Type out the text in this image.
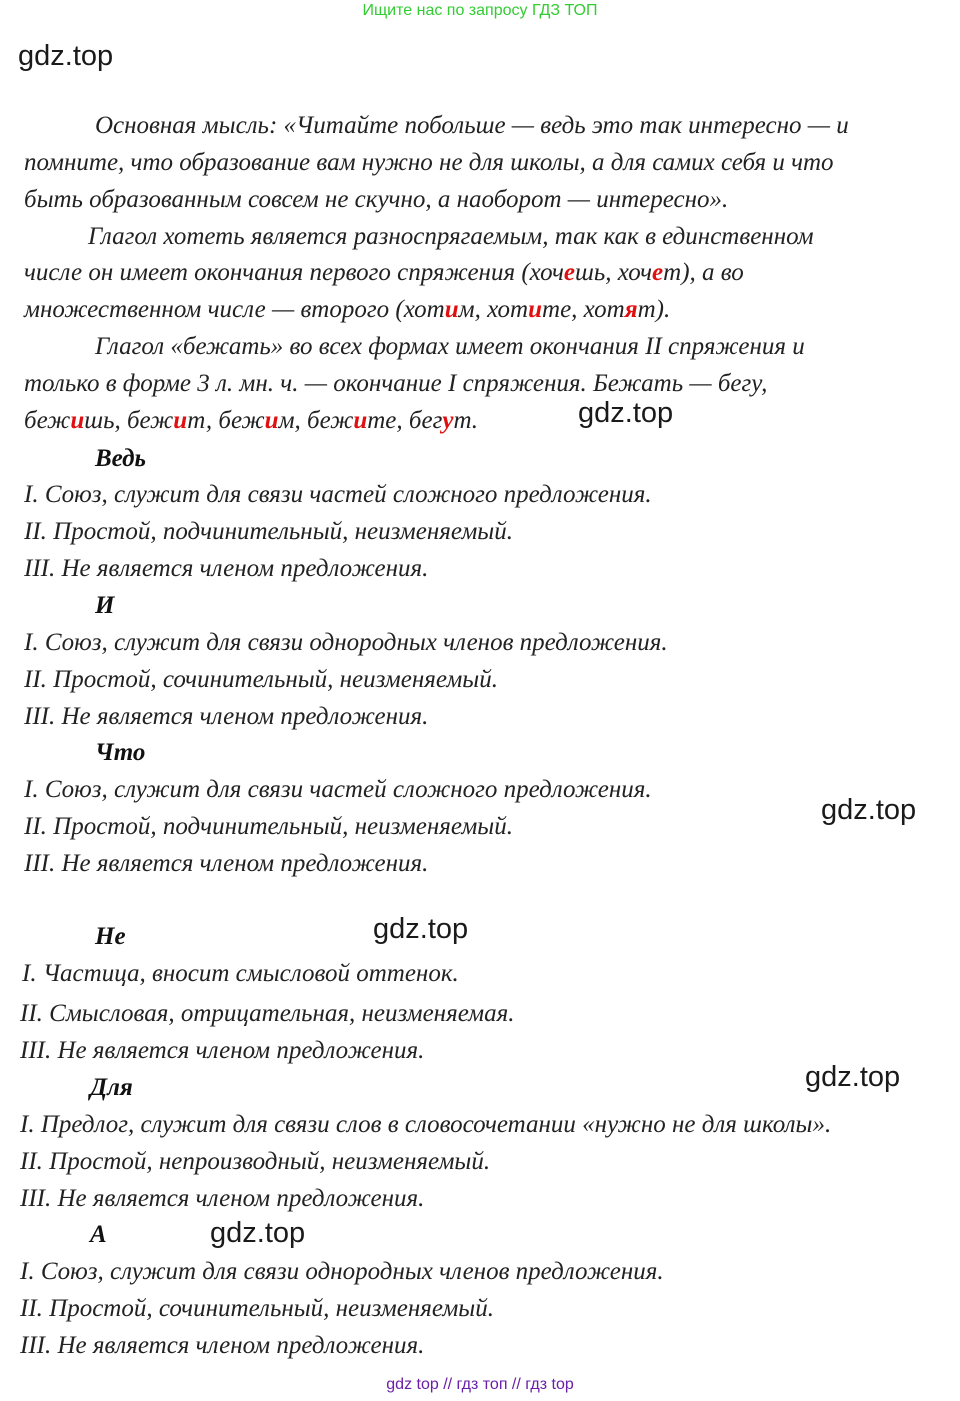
Ищите нас по запросу ГДЗ ТОП
gdz.top
Основная мысль: «Читайте побольше — ведь это так интересно — и
помните, что образование вам нужно не для школы, а для самих себя и что
быть образованным совсем не скучно, а наоборот — интересно».
Глагол хотеть является разноспрягаемым, так как в единственном
числе он имеет окончания первого спряжения (хочешь, хочет), а во
множественном числе — второго (хотим, хотите, хотят).
Глагол «бежать» во всех формах имеет окончания II спряжения и
только в форме 3 л. мн. ч. — окончание I спряжения. Бежать — бегу,
бежишь, бежит, бежим, бежите, бегут.	gdz.top
Ведь
I. Союз, служит для связи частей сложного предложения.
II. Простой, подчинительный, неизменяемый.
III. Не является членом предложения.
И
I. Союз, служит для связи однородных членов предложения.
II. Простой, сочинительный, неизменяемый.
III. Не является членом предложения.
Что
I. Союз, служит для связи частей сложного предложения.
II. Простой, подчинительный, неизменяемый.
III. Не является членом предложения.
gdz.top
Не	gdz.top
I. Частица, вносит смысловой оттенок.
II. Смысловая, отрицательная, неизменяемая.
III. Не является членом предложения.
Для	gdz.top
I. Предлог, служит для связи слов в словосочетании «нужно не для школы».
II. Простой, непроизводный, неизменяемый.
III. Не является членом предложения.
А	gdz.top
I. Союз, служит для связи однородных членов предложения.
II. Простой, сочинительный, неизменяемый.
III. Не является членом предложения.
gdz top // гдз топ // гдз top
